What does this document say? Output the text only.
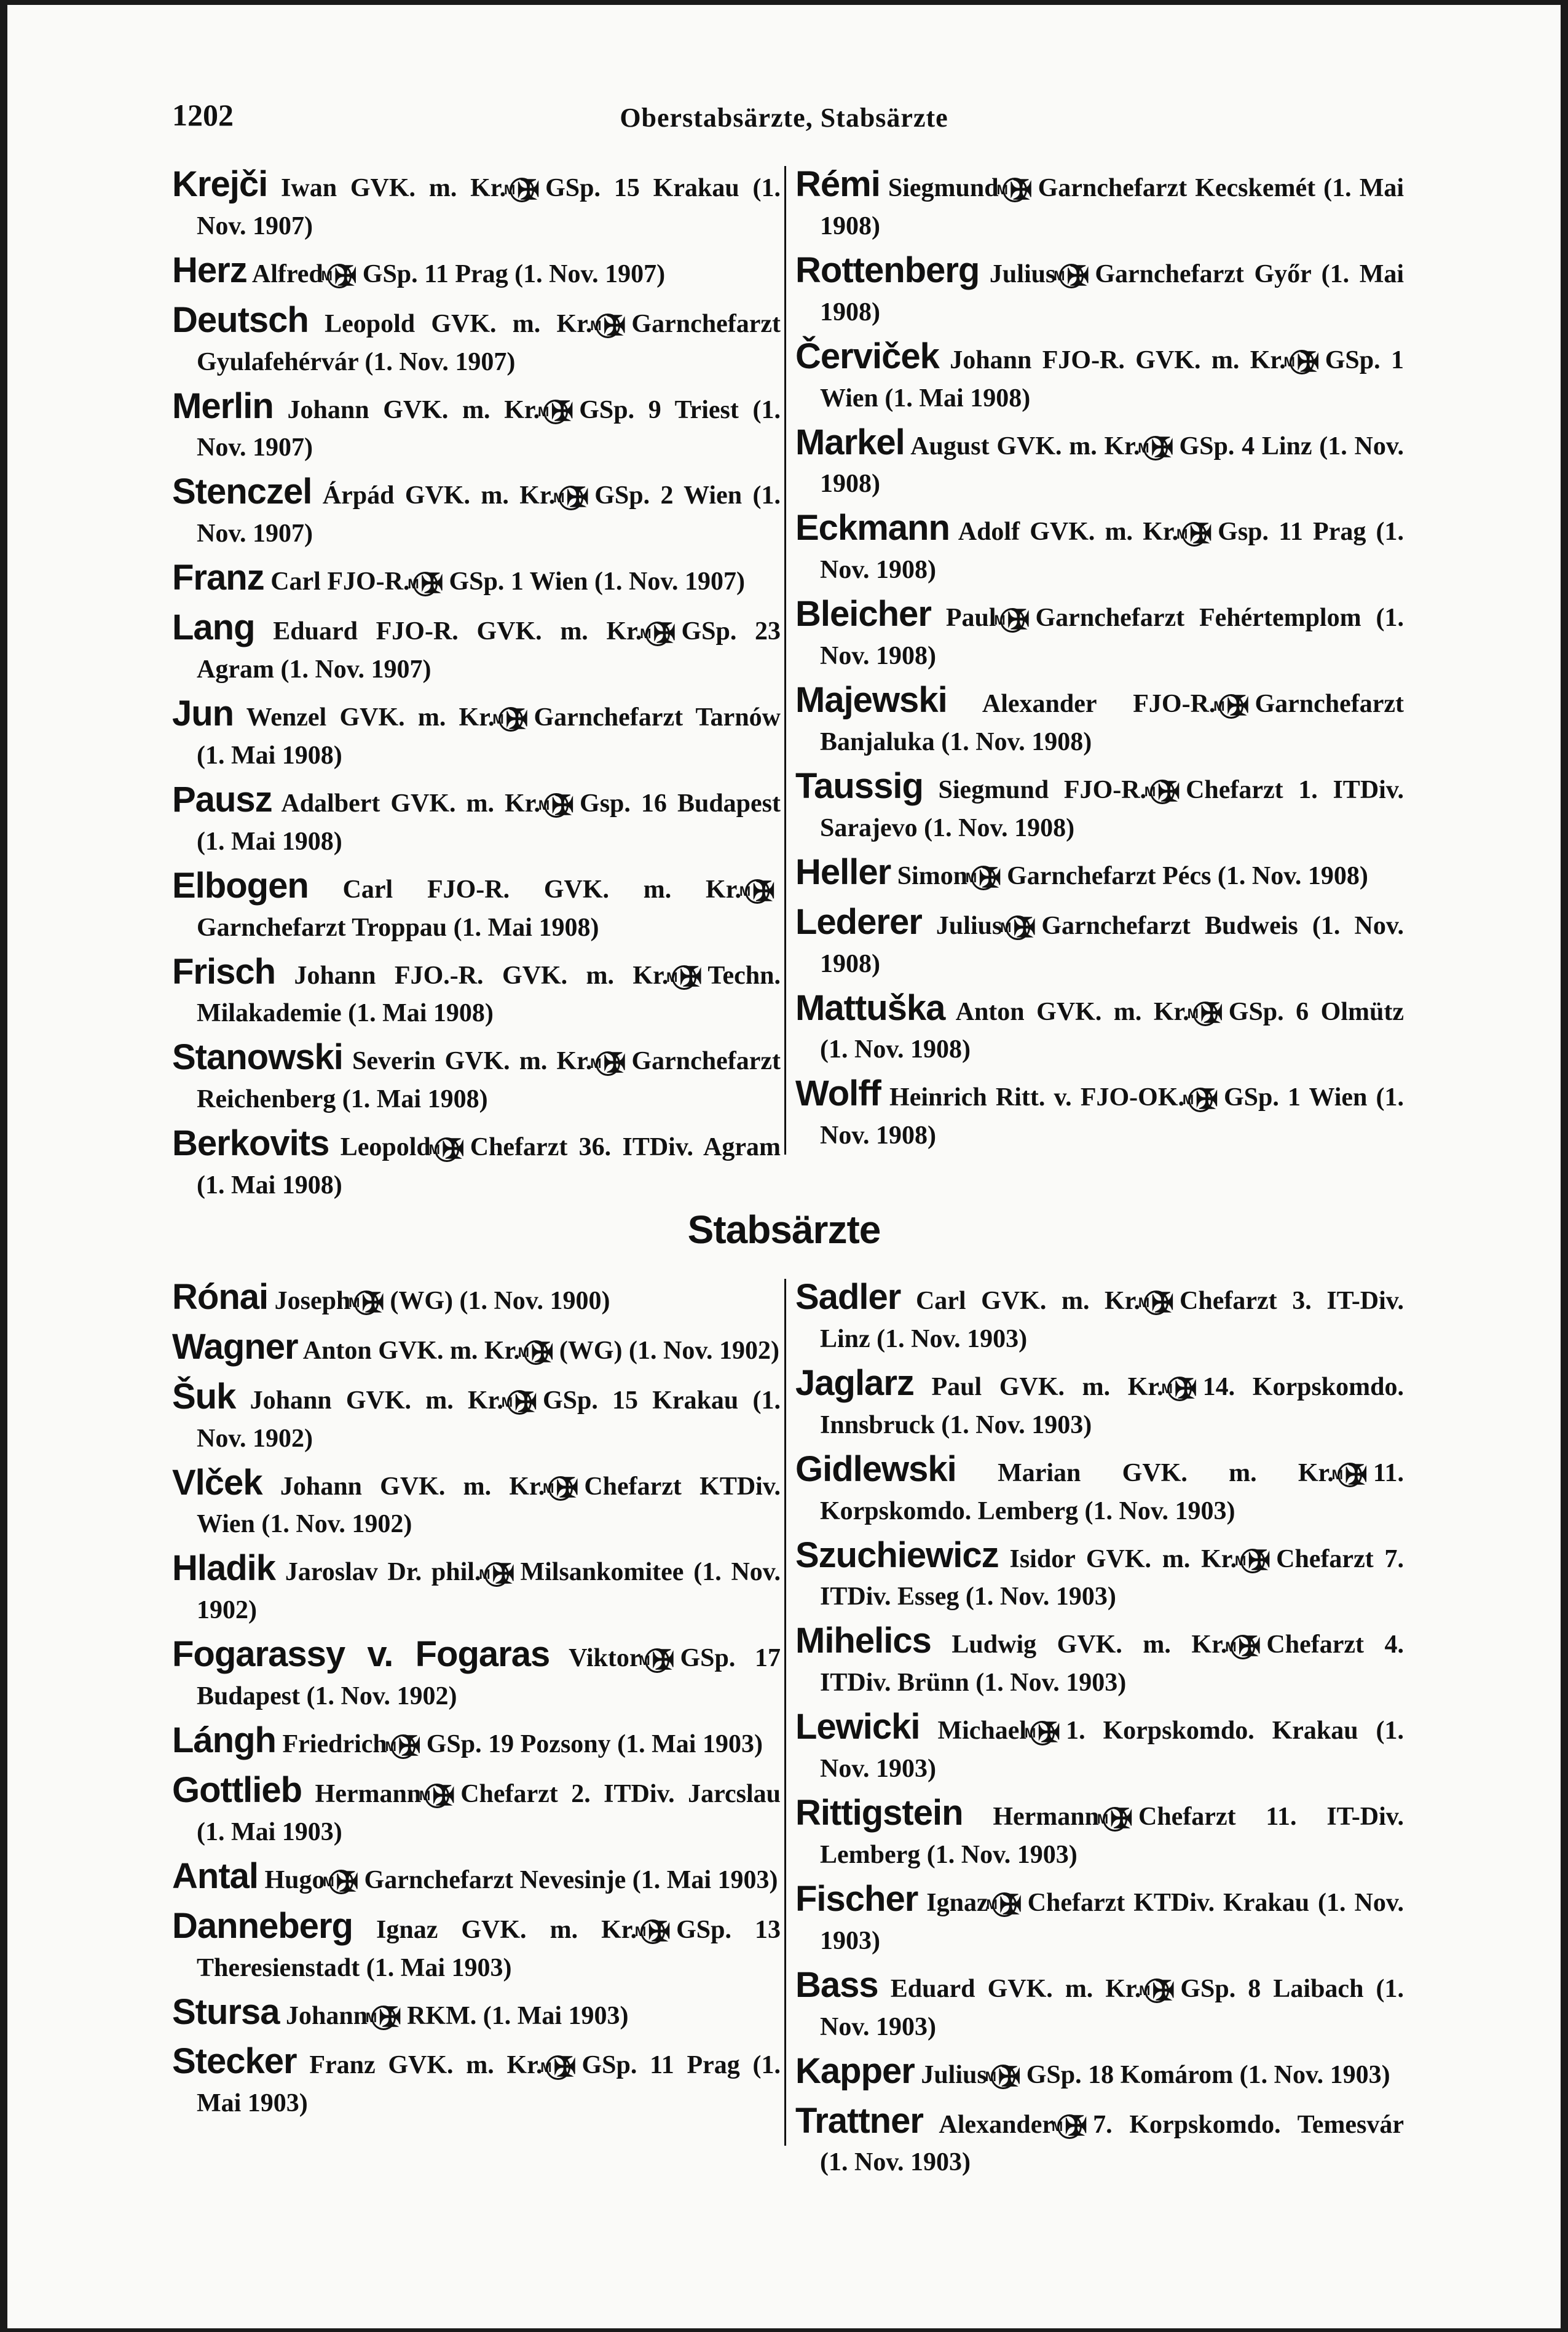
1202	Oberstabsärzte, Stabsärzte
Krejči Iwan GVK. m. Kr.M✠ GSp. 15 Krakau (1. Nov. 1907)
Herz AlfredM✠ GSp. 11 Prag (1. Nov. 1907)
Deutsch Leopold GVK. m. Kr.M✠ Garnchefarzt Gyulafehérvár (1. Nov. 1907)
Merlin Johann GVK. m. Kr.M✠ GSp. 9 Triest (1. Nov. 1907)
Stenczel Árpád GVK. m. Kr.M✠ GSp. 2 Wien (1. Nov. 1907)
Franz Carl FJO-R.M✠ GSp. 1 Wien (1. Nov. 1907)
Lang Eduard FJO-R. GVK. m. Kr.M✠ GSp. 23 Agram (1. Nov. 1907)
Jun Wenzel GVK. m. Kr.M✠ Garnchefarzt Tarnów (1. Mai 1908)
Pausz Adalbert GVK. m. Kr.M✠ Gsp. 16 Budapest (1. Mai 1908)
Elbogen Carl FJO-R. GVK. m. Kr.M✠Garnchefarzt Troppau (1. Mai 1908)
Frisch Johann FJO.-R. GVK. m. Kr.M✠ Techn. Milakademie (1. Mai 1908)
Stanowski Severin GVK. m. Kr.M✠ Garnchefarzt Reichenberg (1. Mai 1908)
Berkovits LeopoldM✠ Chefarzt 36. ITDiv. Agram (1. Mai 1908)
Rémi SiegmundM✠ Garnchefarzt Kecskemét (1. Mai 1908)
Rottenberg JuliusM✠ Garnchefarzt Győr (1. Mai 1908)
Červiček Johann FJO-R. GVK. m. Kr.M✠ GSp. 1 Wien (1. Mai 1908)
Markel August GVK. m. Kr.M✠ GSp. 4 Linz (1. Nov. 1908)
Eckmann Adolf GVK. m. Kr.M✠ Gsp. 11 Prag (1. Nov. 1908)
Bleicher PaulM✠ Garnchefarzt Fehértemplom (1. Nov. 1908)
Majewski Alexander FJO-R.M✠ Garnchefarzt Banjaluka (1. Nov. 1908)
Taussig Siegmund FJO-R.M✠ Chefarzt 1. ITDiv. Sarajevo (1. Nov. 1908)
Heller SimonM✠ Garnchefarzt Pécs (1. Nov. 1908)
Lederer JuliusM✠ Garnchefarzt Budweis (1. Nov. 1908)
Mattuška Anton GVK. m. Kr.M✠ GSp. 6 Olmütz (1. Nov. 1908)
Wolff Heinrich Ritt. v. FJO-OK.M✠ GSp. 1 Wien (1. Nov. 1908)
Stabsärzte
Rónai JosephM✠ (WG) (1. Nov. 1900)
Wagner Anton GVK. m. Kr.M✠ (WG) (1. Nov. 1902)
Šuk Johann GVK. m. Kr.M✠ GSp. 15 Krakau (1. Nov. 1902)
Vlček Johann GVK. m. Kr.M✠ Chefarzt KTDiv. Wien (1. Nov. 1902)
Hladik Jaroslav Dr. phil.M✠ Milsankomitee (1. Nov. 1902)
Fogarassy v. Fogaras ViktorM✠ GSp. 17 Budapest (1. Nov. 1902)
Lángh FriedrichM✠ GSp. 19 Pozsony (1. Mai 1903)
Gottlieb HermannM✠ Chefarzt 2. ITDiv. Jarcslau (1. Mai 1903)
Antal HugoM✠ Garnchefarzt Nevesinje (1. Mai 1903)
Danneberg Ignaz GVK. m. Kr.M✠ GSp. 13 Theresienstadt (1. Mai 1903)
Stursa JohannM✠ RKM. (1. Mai 1903)
Stecker Franz GVK. m. Kr.M✠ GSp. 11 Prag (1. Mai 1903)
Sadler Carl GVK. m. Kr.M✠ Chefarzt 3. IT-Div. Linz (1. Nov. 1903)
Jaglarz Paul GVK. m. Kr.M✠ 14. Korpskomdo. Innsbruck (1. Nov. 1903)
Gidlewski Marian GVK. m. Kr.M✠ 11. Korpskomdo. Lemberg (1. Nov. 1903)
Szuchiewicz Isidor GVK. m. Kr.M✠ Chefarzt 7. ITDiv. Esseg (1. Nov. 1903)
Mihelics Ludwig GVK. m. Kr.M✠ Chefarzt 4. ITDiv. Brünn (1. Nov. 1903)
Lewicki MichaelM✠ 1. Korpskomdo. Krakau (1. Nov. 1903)
Rittigstein HermannM✠ Chefarzt 11. IT-Div. Lemberg (1. Nov. 1903)
Fischer IgnazM✠ Chefarzt KTDiv. Krakau (1. Nov. 1903)
Bass Eduard GVK. m. Kr.M✠ GSp. 8 Laibach (1. Nov. 1903)
Kapper JuliusM✠ GSp. 18 Komárom (1. Nov. 1903)
Trattner AlexanderM✠ 7. Korpskomdo. Temesvár (1. Nov. 1903)
